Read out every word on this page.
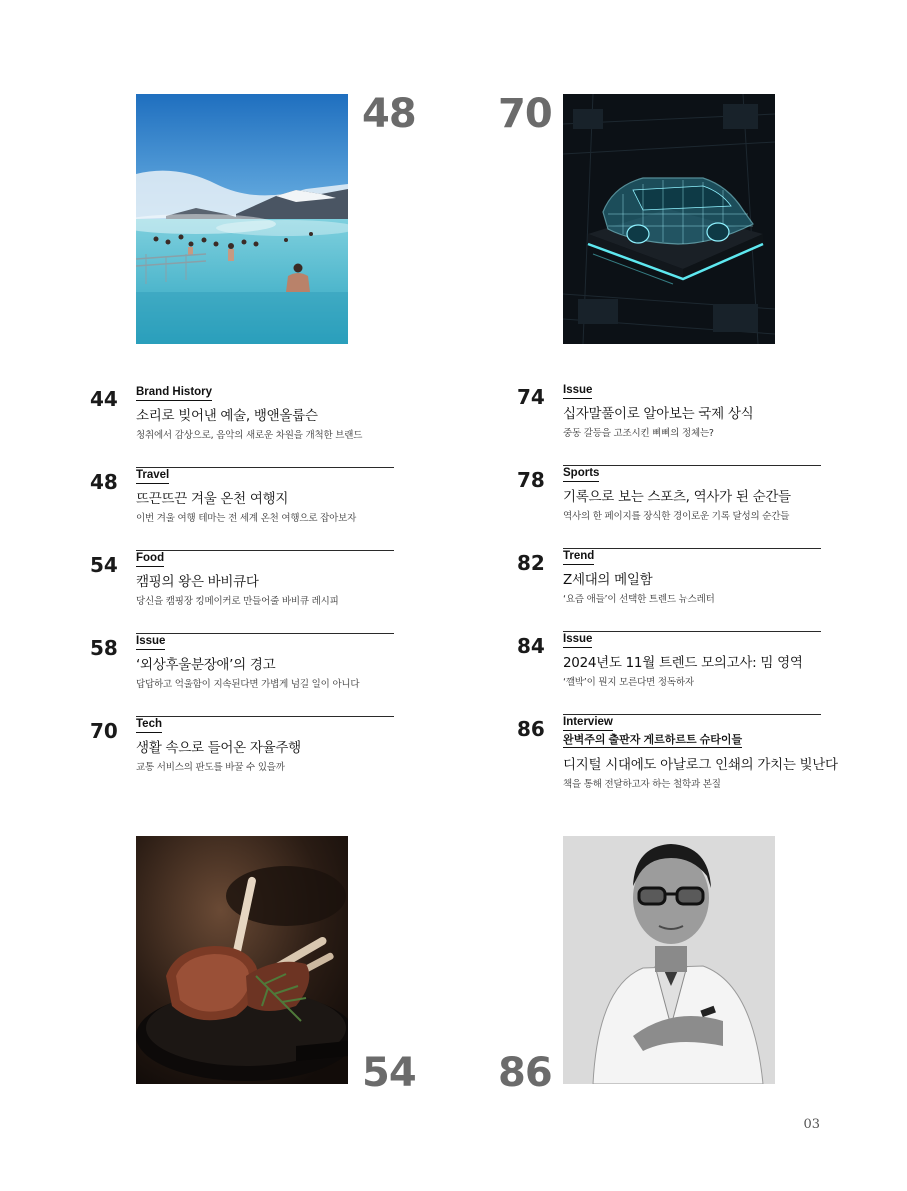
48 70
44	Brand History
소리로 빚어낸 예술, 뱅앤올룹슨
청취에서 감상으로, 음악의 새로운 차원을 개척한 브랜드
48	Travel
뜨끈뜨끈 겨울 온천 여행지
이번 겨울 여행 테마는 전 세계 온천 여행으로 잡아보자
54	Food
캠핑의 왕은 바비큐다
당신을 캠핑장 킹메이커로 만들어줄 바비큐 레시피
58	Issue
‘외상후울분장애’의 경고
답답하고 억울함이 지속된다면 가볍게 넘길 일이 아니다
70	Tech
생활 속으로 들어온 자율주행
교통 서비스의 판도를 바꿀 수 있을까
74	Issue
십자말풀이로 알아보는 국제 상식
중동 갈등을 고조시킨 삐삐의 정체는?
78	Sports
기록으로 보는 스포츠, 역사가 된 순간들
역사의 한 페이지를 장식한 경이로운 기록 달성의 순간들
82	Trend
Z세대의 메일함
‘요즘 애들’이 선택한 트렌드 뉴스레터
84	Issue
2024년도 11월 트렌드 모의고사: 밈 영역
‘깰박’이 뭔지 모른다면 정독하자
86	Interview
완벽주의 출판자 게르하르트 슈타이들
디지털 시대에도 아날로그 인쇄의 가치는 빛난다
책을 통해 전달하고자 하는 철학과 본질
54 86
03
